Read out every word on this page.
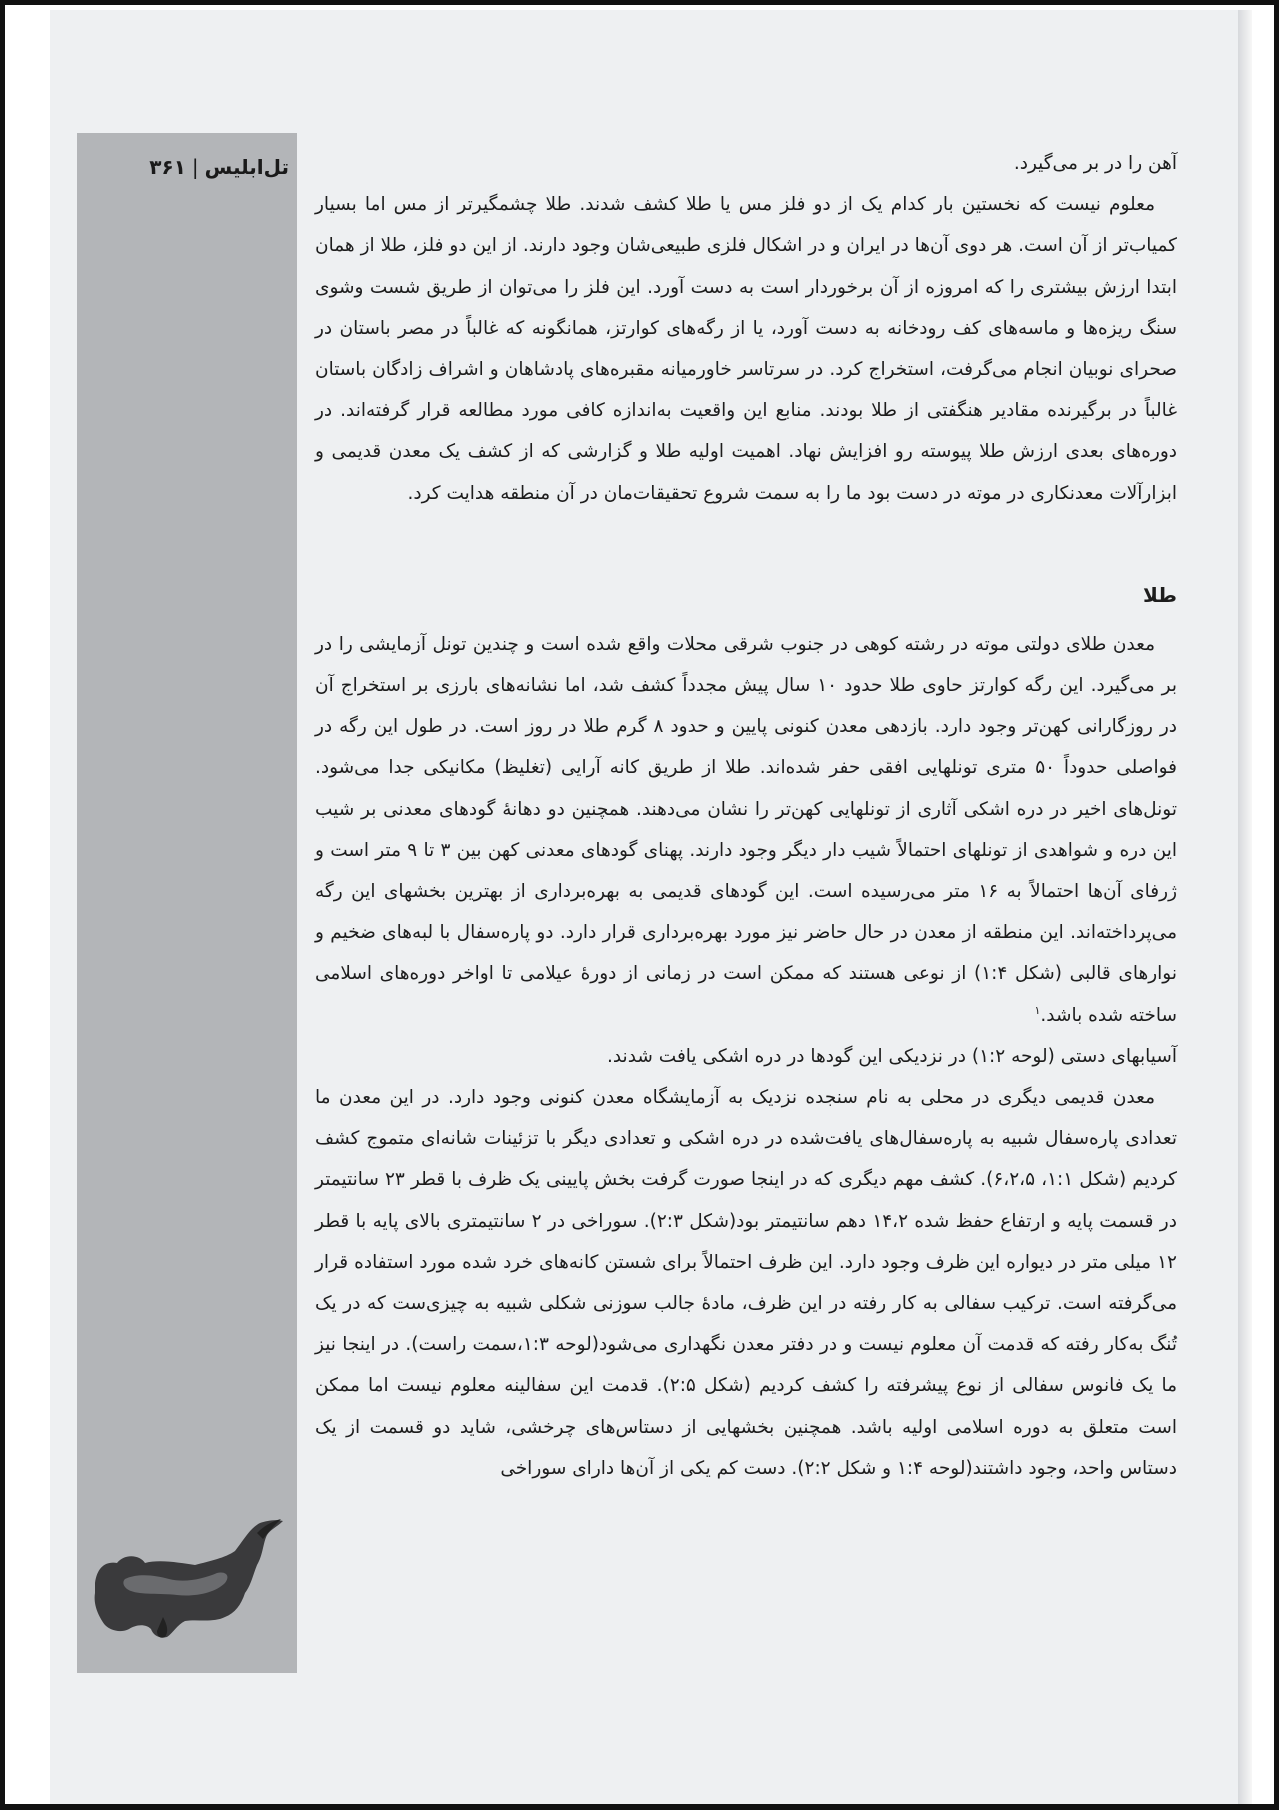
تل‌ابلیس|۳۶۱	آهن را در بر می‌گیرد.

معلوم نیست که نخستین بار کدام یک از دو فلز مس یا طلا کشف شدند. طلا چشمگیرتر از مس اما بسیار کمیاب‌تر از آن است. هر دوی آن‌ها در ایران و در اشکال فلزی طبیعی‌شان وجود دارند. از این دو فلز، طلا از همان ابتدا ارزش بیشتری را که امروزه از آن برخوردار است به دست آورد. این فلز را می‌توان از طریق شست وشوی سنگ ریزه‌ها و ماسه‌های کف رودخانه به دست آورد، یا از رگه‌های کوارتز، همانگونه که غالباً در مصر باستان در صحرای نوبیان انجام می‌گرفت، استخراج کرد. در سرتاسر خاورمیانه مقبره‌های پادشاهان و اشراف زادگان باستان غالباً در برگیرنده مقادیر هنگفتی از طلا بودند. منابع این واقعیت به‌اندازه کافی مورد مطالعه قرار گرفته‌اند. در دوره‌های بعدی ارزش طلا پیوسته رو افزایش نهاد. اهمیت اولیه طلا و گزارشی که از کشف یک معدن قدیمی و ابزارآلات معدنکاری در موته در دست بود ما را به سمت شروع تحقیقات‌مان در آن منطقه هدایت کرد.

طلا

معدن طلای دولتی موته در رشته کوهی در جنوب شرقی محلات واقع شده است و چندین تونل آزمایشی را در بر می‌گیرد. این رگه کوارتز حاوی طلا حدود ۱۰ سال پیش مجدداً کشف شد، اما نشانه‌های بارزی بر استخراج آن در روزگارانی کهن‌تر وجود دارد. بازدهی معدن کنونی پایین و حدود ۸ گرم طلا در روز است. در طول این رگه در فواصلی حدوداً ۵۰ متری تونلهایی افقی حفر شده‌اند. طلا از طریق کانه آرایی (تغلیظ) مکانیکی جدا می‌شود. تونل‌های اخیر در دره اشکی آثاری از تونلهایی کهن‌تر را نشان می‌دهند. همچنین دو دهانهٔ گودهای معدنی بر شیب این دره و شواهدی از تونلهای احتمالاً شیب دار دیگر وجود دارند. پهنای گودهای معدنی کهن بین ۳ تا ۹ متر است و ژرفای آن‌ها احتمالاً به ۱۶ متر می‌رسیده است. این گودهای قدیمی به بهره‌برداری از بهترین بخشهای این رگه می‌پرداخته‌اند. این منطقه از معدن در حال حاضر نیز مورد بهره‌برداری قرار دارد. دو پاره‌سفال با لبه‌های ضخیم و نوارهای قالبی (شکل ۱:۴) از نوعی هستند که ممکن است در زمانی از دورهٔ عیلامی تا اواخر دوره‌های اسلامی ساخته شده باشد.$^۱$

آسیابهای دستی (لوحه ۱:۲) در نزدیکی این گودها در دره اشکی یافت شدند.

معدن قدیمی دیگری در محلی به نام سنجده نزدیک به آزمایشگاه معدن کنونی وجود دارد. در این معدن ما تعدادی پاره‌سفال شبیه به پاره‌سفال‌های یافت‌شده در دره اشکی و تعدادی دیگر با تزئینات شانه‌ای متموج کشف کردیم (شکل ۱:۱، ۶،۲،۵). کشف مهم دیگری که در اینجا صورت گرفت بخش پایینی یک ظرف با قطر ۲۳ سانتیمتر در قسمت پایه و ارتفاع حفظ شده ۱۴،۲ دهم سانتیمتر بود(شکل ۲:۳). سوراخی در ۲ سانتیمتری بالای پایه با قطر ۱۲ میلی متر در دیواره این ظرف وجود دارد. این ظرف احتمالاً برای شستن کانه‌های خرد شده مورد استفاده قرار می‌گرفته است. ترکیب سفالی به کار رفته در این ظرف، مادهٔ جالب سوزنی شکلی شبیه به چیزی‌ست که در یک تُنگ به‌کار رفته که قدمت آن معلوم نیست و در دفتر معدن نگهداری می‌شود(لوحه ۱:۳،سمت راست). در اینجا نیز ما یک فانوس سفالی از نوع پیشرفته را کشف کردیم (شکل ۲:۵). قدمت این سفالینه معلوم نیست اما ممکن است متعلق به دوره اسلامی اولیه باشد. همچنین بخشهایی از دستاس‌های چرخشی، شاید دو قسمت از یک دستاس واحد، وجود داشتند(لوحه ۱:۴ و شکل ۲:۲). دست کم یکی از آن‌ها دارای سوراخی
